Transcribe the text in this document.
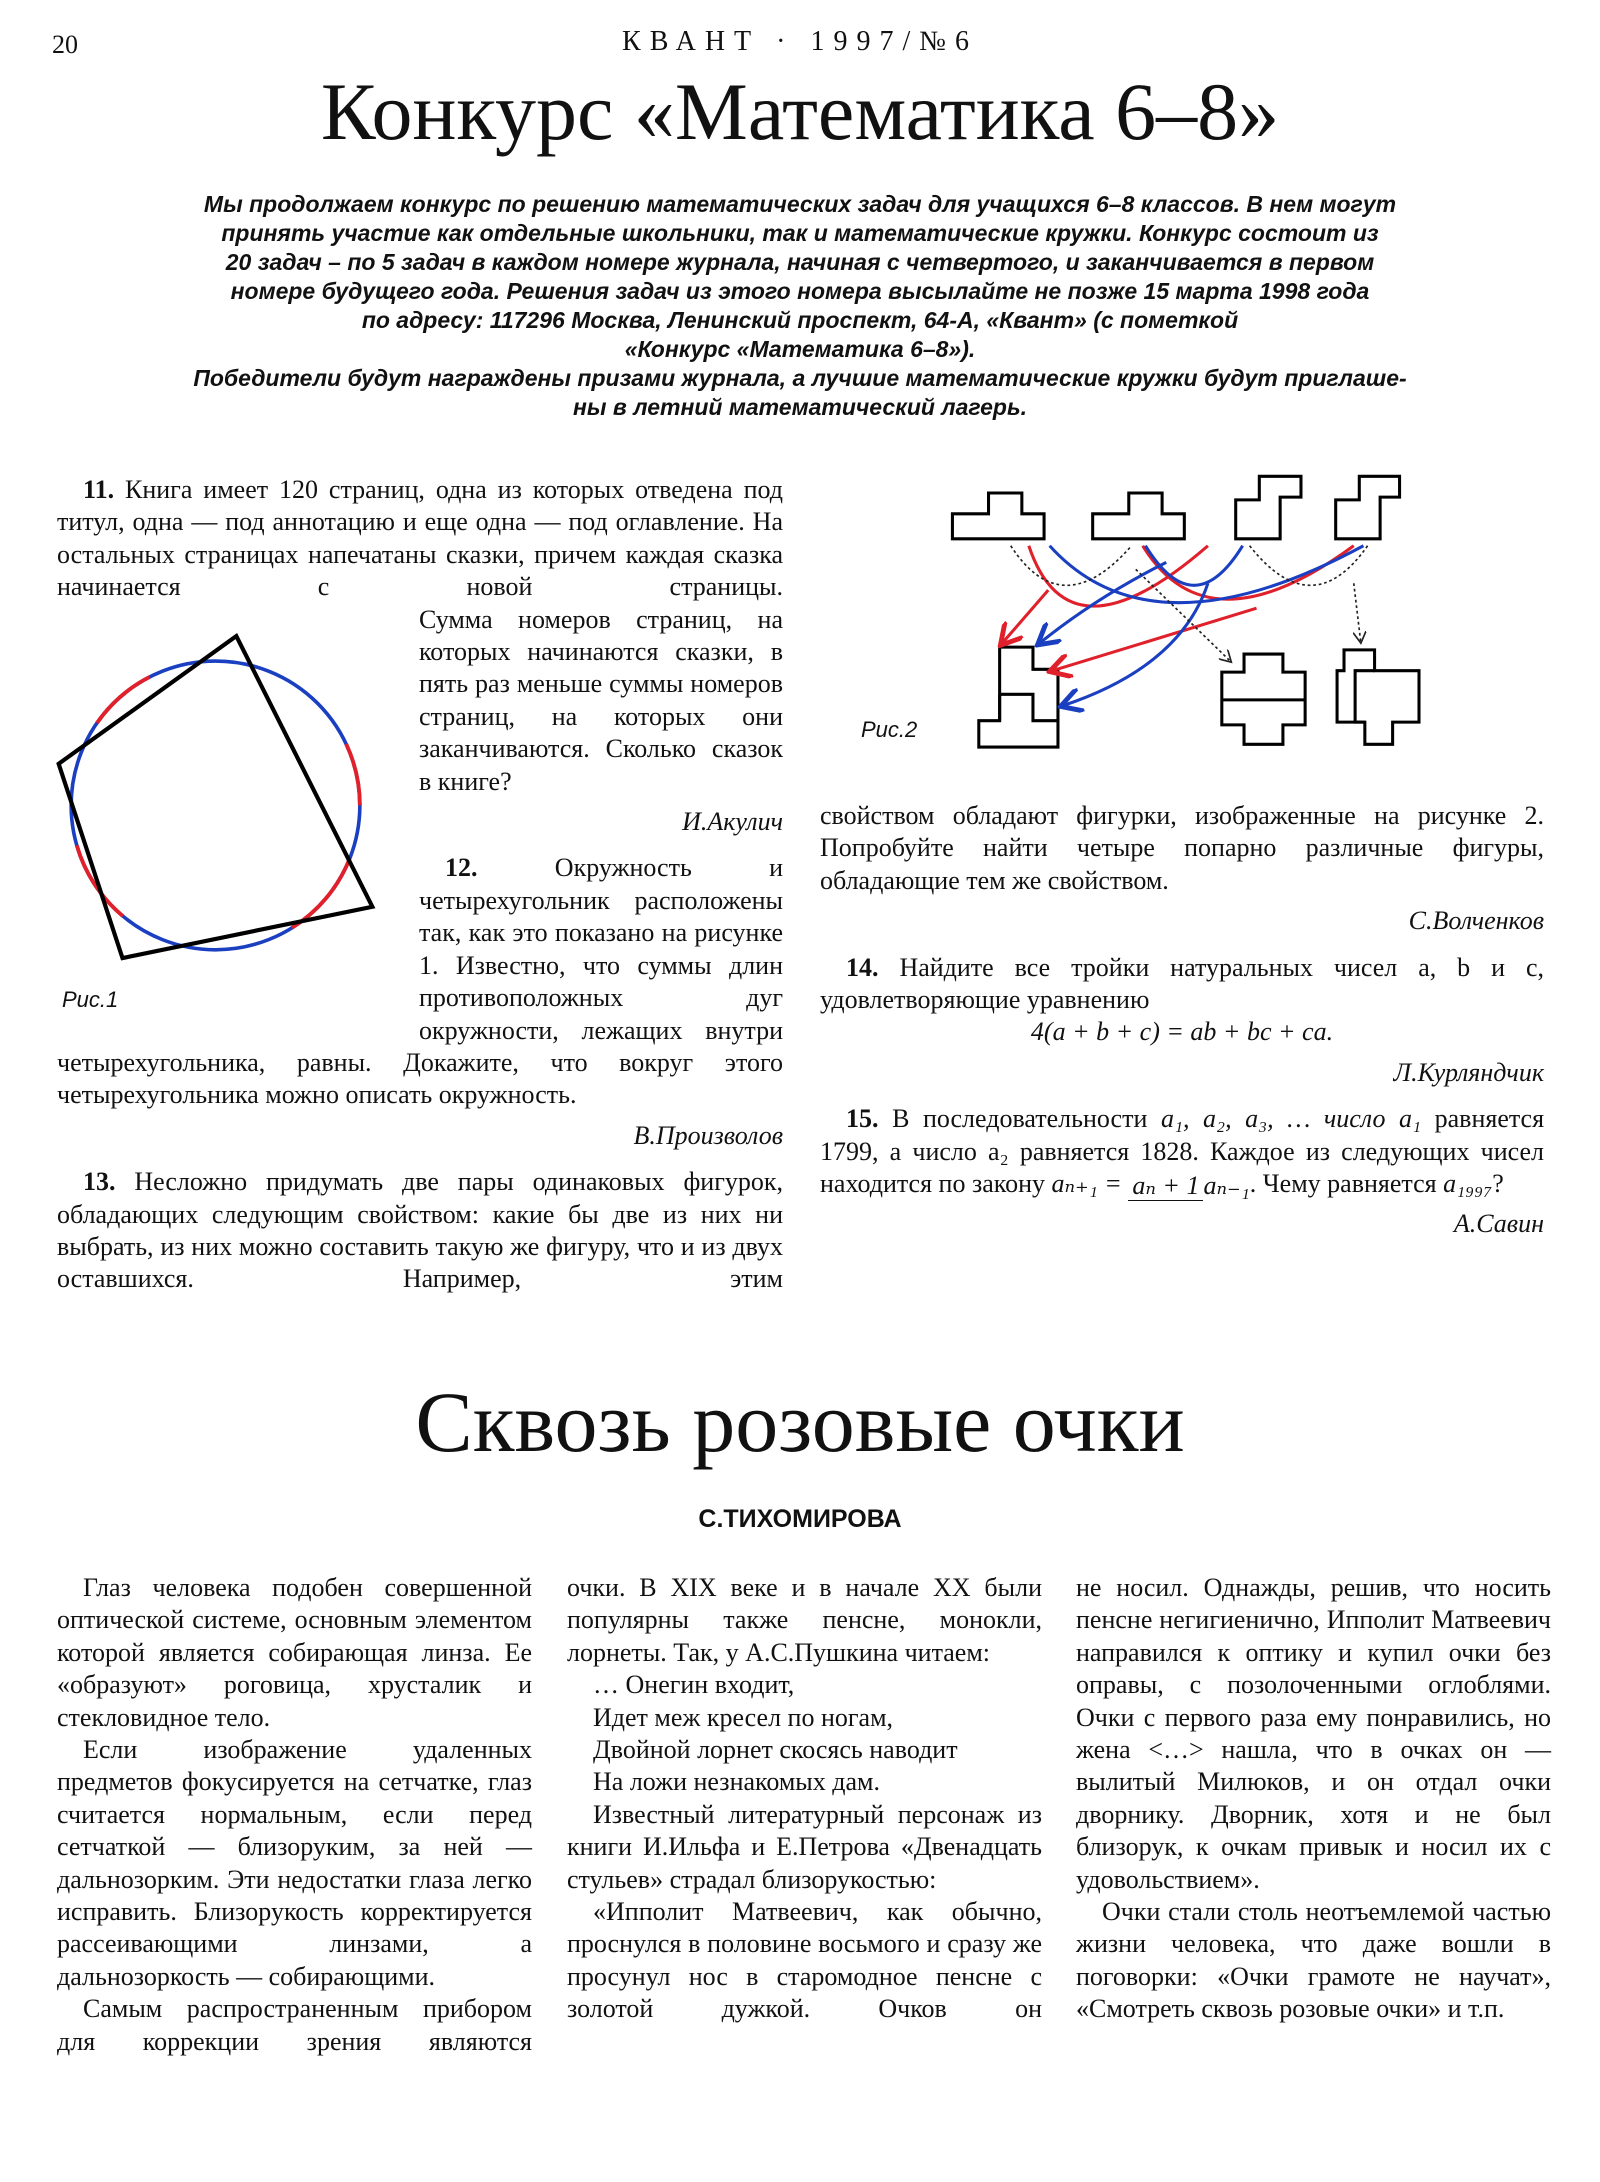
20	КВАНТ · 1997/№6
Конкурс «Математика 6–8»
Мы продолжаем конкурс по решению математических задач для учащихся 6–8 классов. В нем могут
принять участие как отдельные школьники, так и математические кружки. Конкурс состоит из
20 задач – по 5 задач в каждом номере журнала, начиная с четвертого, и заканчивается в первом
номере будущего года. Решения задач из этого номера высылайте не позже 15 марта 1998 года
по адресу: 117296 Москва, Ленинский проспект, 64-А, «Квант» (с пометкой
«Конкурс «Математика 6–8»).
Победители будут награждены призами журнала, а лучшие математические кружки будут приглаше-
ны в летний математический лагерь.
Рис.1
Рис.2

11. Книга имеет 120 страниц, одна из которых отведена под титул, одна — под аннотацию и еще одна — под оглавление. На остальных страницах напечатаны сказки, причем каждая сказка начинается с новой страницы.

Сумма номеров страниц, на которых начинаются сказки, в пять раз меньше суммы номеров страниц, на которых они заканчиваются. Сколько сказок в книге?

И.Акулич

12.	Окружность и четырехугольник расположены так, как это показано на рисунке 1. Известно, что суммы длин противоположных дуг окружности, лежащих внутри четырехугольника, равны. Докажите, что вокруг этого четырехугольника можно описать окружность.

В.Произволов

13. Несложно придумать две пары одинаковых фигурок, обладающих следующим свойством: какие бы две из них ни выбрать, из них можно составить такую же фигуру, что и из двух оставшихся. Например, этим

свойством обладают фигурки, изображенные на рисунке 2. Попробуйте найти четыре попарно различные фигуры, обладающие тем же свойством.

С.Волченков

14. Найдите все тройки натуральных чисел a, b и c, удовлетворяющие уравнению

4(a + b + c) = ab + bc + ca.

Л.Курляндчик

15. В последовательности a₁, a₂, a₃, … число a₁ равняется 1799, а число a₂ равняется 1828. Каждое из следующих чисел находится по закону aₙ₊₁ = aₙ + 1 aₙ₋₁. Чему равняется a₁₉₉₇?

А.Савин

Сквозь розовые очки
С.ТИХОМИРОВА

Глаз человека подобен совершенной оптической системе, основным элементом которой является собирающая линза. Ее «образуют» роговица, хрусталик и стекловидное тело.

Если изображение удаленных предметов фокусируется на сетчатке, глаз считается нормальным, если перед сетчаткой — близоруким, за ней — дальнозорким. Эти недостатки глаза легко исправить. Близорукость корректируется рассеивающими линзами, а дальнозоркость — собирающими.

Самым распространенным прибором для коррекции зрения являются

очки. В XIX веке и в начале XX были популярны также пенсне, монокли, лорнеты. Так, у А.С.Пушкина читаем:

… Онегин входит,

Идет меж кресел по ногам,

Двойной лорнет скосясь наводит

На ложи незнакомых дам.

Известный литературный персонаж из книги И.Ильфа и Е.Петрова «Двенадцать стульев» страдал близорукостью:

«Ипполит Матвеевич, как обычно, проснулся в половине восьмого и сразу же просунул нос в старомодное пенсне с золотой дужкой. Очков он

не носил. Однажды, решив, что носить пенсне негигиенично, Ипполит Матвеевич направился к оптику и купил очки без оправы, с позолоченными оглоблями. Очки с первого раза ему понравились, но жена <…> нашла, что в очках он — вылитый Милюков, и он отдал очки дворнику. Дворник, хотя и не был близорук, к очкам привык и носил их с удовольствием».

Очки стали столь неотъемлемой частью жизни человека, что даже вошли в поговорки: «Очки грамоте не научат», «Смотреть сквозь розовые очки» и т.п.
